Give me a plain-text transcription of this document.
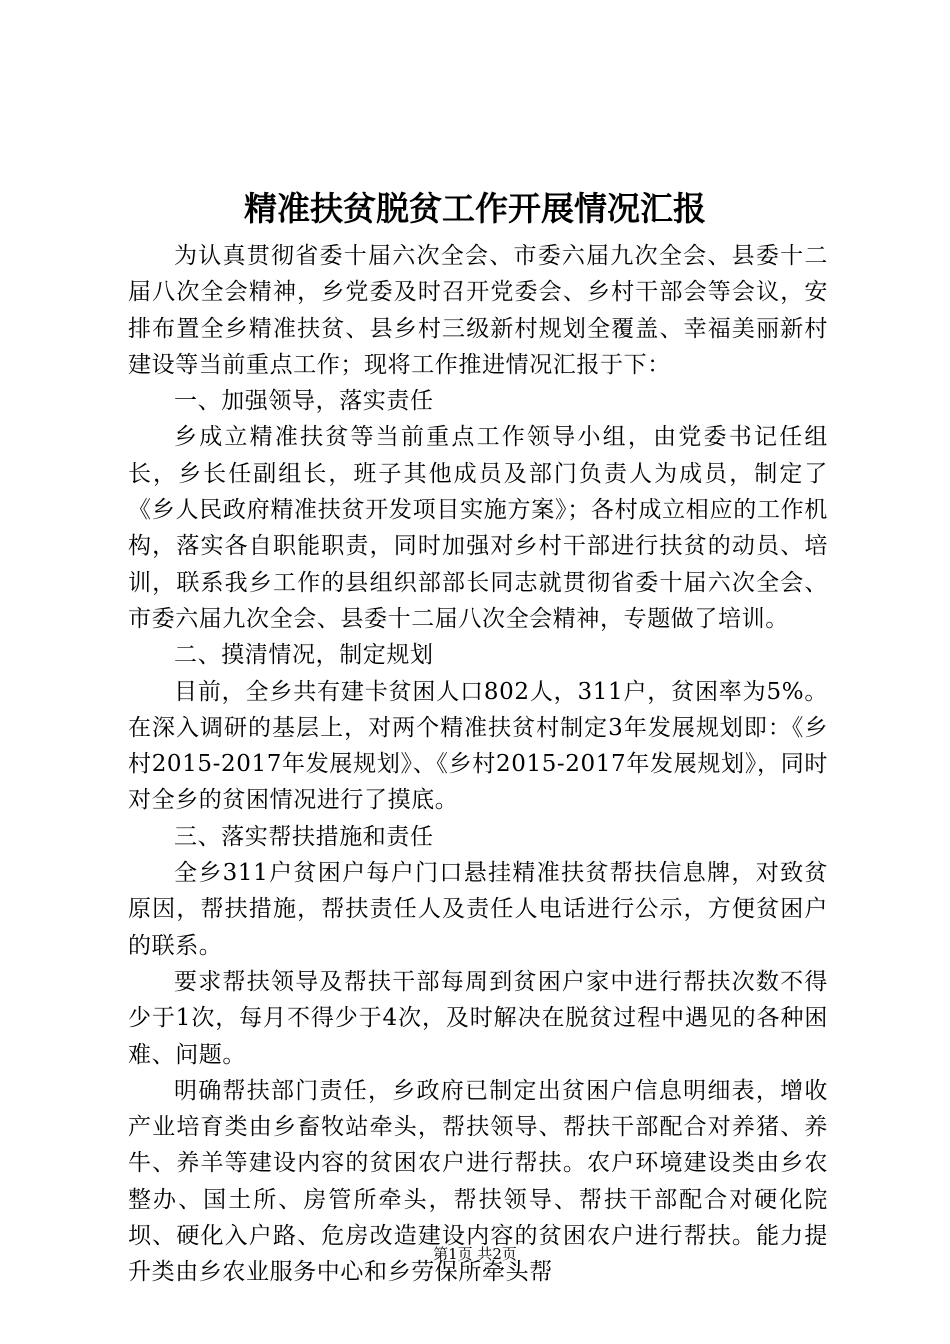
精准扶贫脱贫工作开展情况汇报

为认真贯彻省委十届六次全会、市委六届九次全会、县委十二届八次全会精神，乡党委及时召开党委会、乡村干部会等会议，安排布置全乡精准扶贫、县乡村三级新村规划全覆盖、幸福美丽新村建设等当前重点工作；现将工作推进情况汇报于下：

一、加强领导，落实责任

乡成立精准扶贫等当前重点工作领导小组，由党委书记任组长，乡长任副组长，班子其他成员及部门负责人为成员，制定了《乡人民政府精准扶贫开发项目实施方案》；各村成立相应的工作机构，落实各自职能职责，同时加强对乡村干部进行扶贫的动员、培训，联系我乡工作的县组织部部长同志就贯彻省委十届六次全会、市委六届九次全会、县委十二届八次全会精神，专题做了培训。

二、摸清情况，制定规划

目前，全乡共有建卡贫困人口802人，311户，贫困率为5%。在深入调研的基层上，对两个精准扶贫村制定3年发展规划即：《乡村2015-2017年发展规划》、《乡村2015-2017年发展规划》，同时对全乡的贫困情况进行了摸底。

三、落实帮扶措施和责任

全乡311户贫困户每户门口悬挂精准扶贫帮扶信息牌，对致贫原因，帮扶措施，帮扶责任人及责任人电话进行公示，方便贫困户的联系。

要求帮扶领导及帮扶干部每周到贫困户家中进行帮扶次数不得少于1次，每月不得少于4次，及时解决在脱贫过程中遇见的各种困难、问题。

明确帮扶部门责任，乡政府已制定出贫困户信息明细表，增收产业培育类由乡畜牧站牵头，帮扶领导、帮扶干部配合对养猪、养牛、养羊等建设内容的贫困农户进行帮扶。农户环境建设类由乡农整办、国土所、房管所牵头，帮扶领导、帮扶干部配合对硬化院坝、硬化入户路、危房改造建设内容的贫困农户进行帮扶。能力提升类由乡农业服务中心和乡劳保所牵头帮

第1页 共2页
